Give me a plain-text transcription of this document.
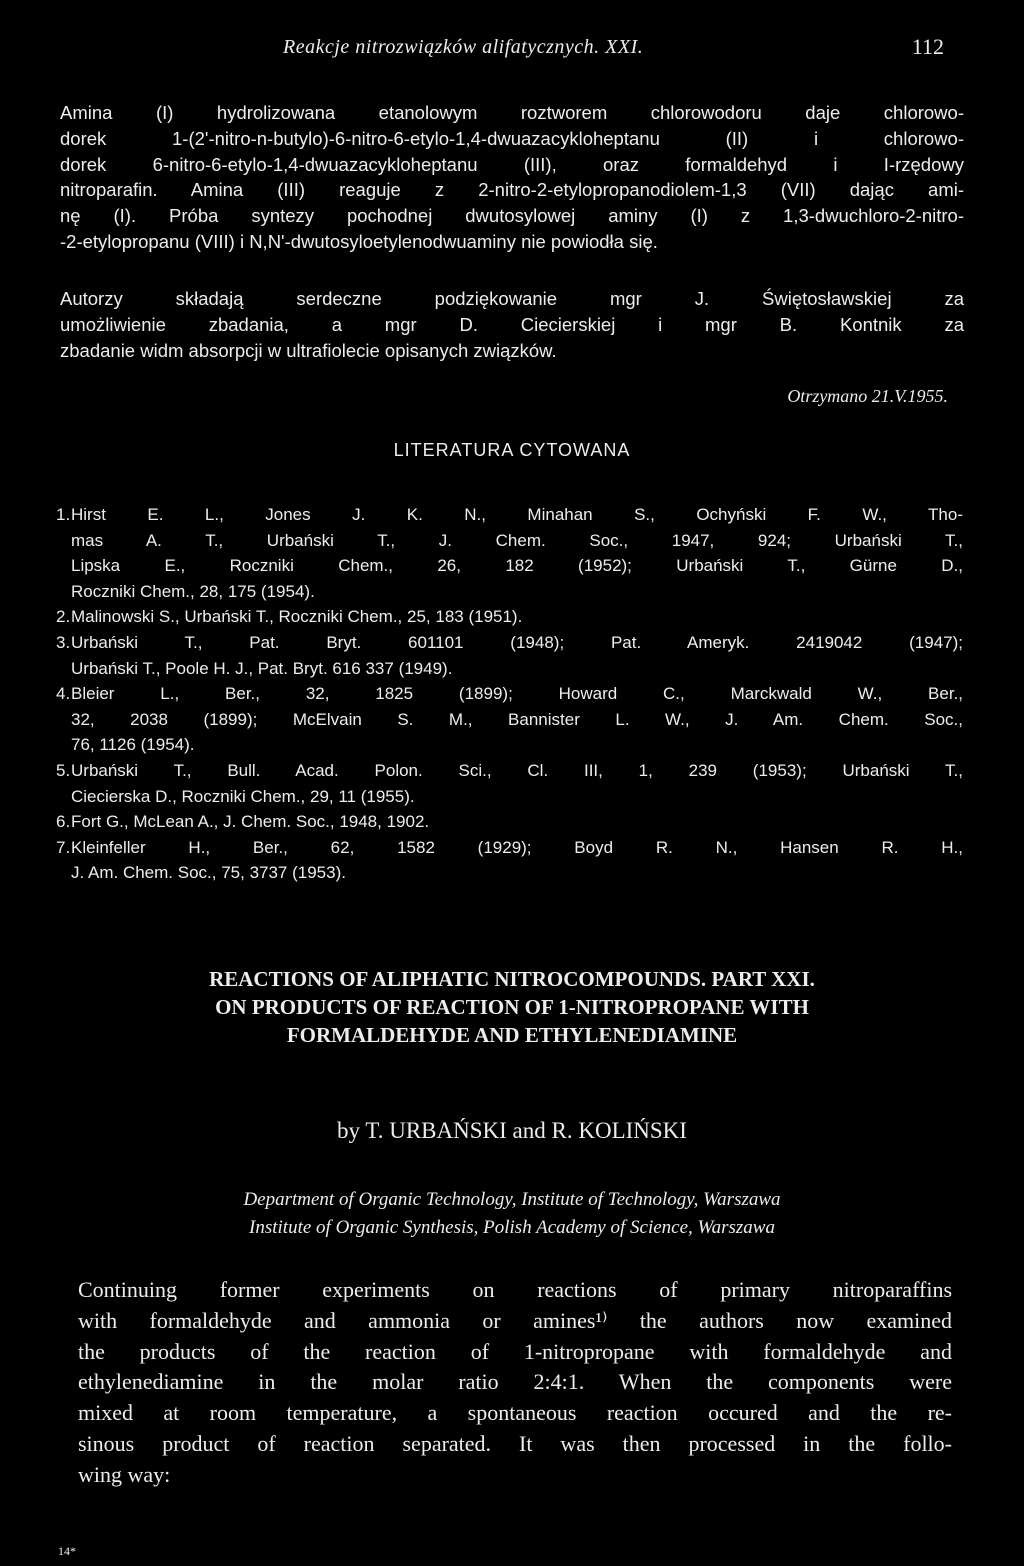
Reakcje nitrozwiązków alifatycznych. XXI.	112
Amina (I) hydrolizowana etanolowym roztworem chlorowodoru daje chlorowo-
dorek 1-(2'-nitro-n-butylo)-6-nitro-6-etylo-1,4-dwuazacykloheptanu (II) i chlorowo-
dorek 6-nitro-6-etylo-1,4-dwuazacykloheptanu (III), oraz formaldehyd i I-rzędowy
nitroparafin. Amina (III) reaguje z 2-nitro-2-etylopropanodiolem-1,3 (VII) dając ami-
nę (I). Próba syntezy pochodnej dwutosylowej aminy (I) z 1,3-dwuchloro-2-nitro-
-2-etylopropanu (VIII) i N,N'-dwutosyloetylenodwuaminy nie powiodła się.
Autorzy składają serdeczne podziękowanie mgr J. Świętosławskiej za
umożliwienie zbadania, a mgr D. Ciecierskiej i mgr B. Kontnik za
zbadanie widm absorpcji w ultrafiolecie opisanych związków.
Otrzymano 21.V.1955.
LITERATURA CYTOWANA
1. Hirst E. L., Jones J. K. N., Minahan S., Ochyński F. W., Tho-
mas A. T., Urbański T., J. Chem. Soc., 1947, 924; Urbański T.,
Lipska E., Roczniki Chem., 26, 182 (1952); Urbański T., Gürne D.,
Roczniki Chem., 28, 175 (1954).
2. Malinowski S., Urbański T., Roczniki Chem., 25, 183 (1951).
3. Urbański T., Pat. Bryt. 601101 (1948); Pat. Ameryk. 2419042 (1947);
Urbański T., Poole H. J., Pat. Bryt. 616 337 (1949).
4. Bleier L., Ber., 32, 1825 (1899); Howard C., Marckwald W., Ber.,
32, 2038 (1899); McElvain S. M., Bannister L. W., J. Am. Chem. Soc.,
76, 1126 (1954).
5. Urbański T., Bull. Acad. Polon. Sci., Cl. III, 1, 239 (1953); Urbański T.,
Ciecierska D., Roczniki Chem., 29, 11 (1955).
6. Fort G., McLean A., J. Chem. Soc., 1948, 1902.
7. Kleinfeller H., Ber., 62, 1582 (1929); Boyd R. N., Hansen R. H.,
J. Am. Chem. Soc., 75, 3737 (1953).
REACTIONS OF ALIPHATIC NITROCOMPOUNDS. PART XXI.
ON PRODUCTS OF REACTION OF 1-NITROPROPANE WITH
FORMALDEHYDE AND ETHYLENEDIAMINE
by T. URBAŃSKI and R. KOLIŃSKI
Department of Organic Technology, Institute of Technology, Warszawa
Institute of Organic Synthesis, Polish Academy of Science, Warszawa
Continuing former experiments on reactions of primary nitroparaffins
with formaldehyde and ammonia or amines¹⁾ the authors now examined
the products of the reaction of 1-nitropropane with formaldehyde and
ethylenediamine in the molar ratio 2:4:1. When the components were
mixed at room temperature, a spontaneous reaction occured and the re-
sinous product of reaction separated. It was then processed in the follo-
wing way:
14*
